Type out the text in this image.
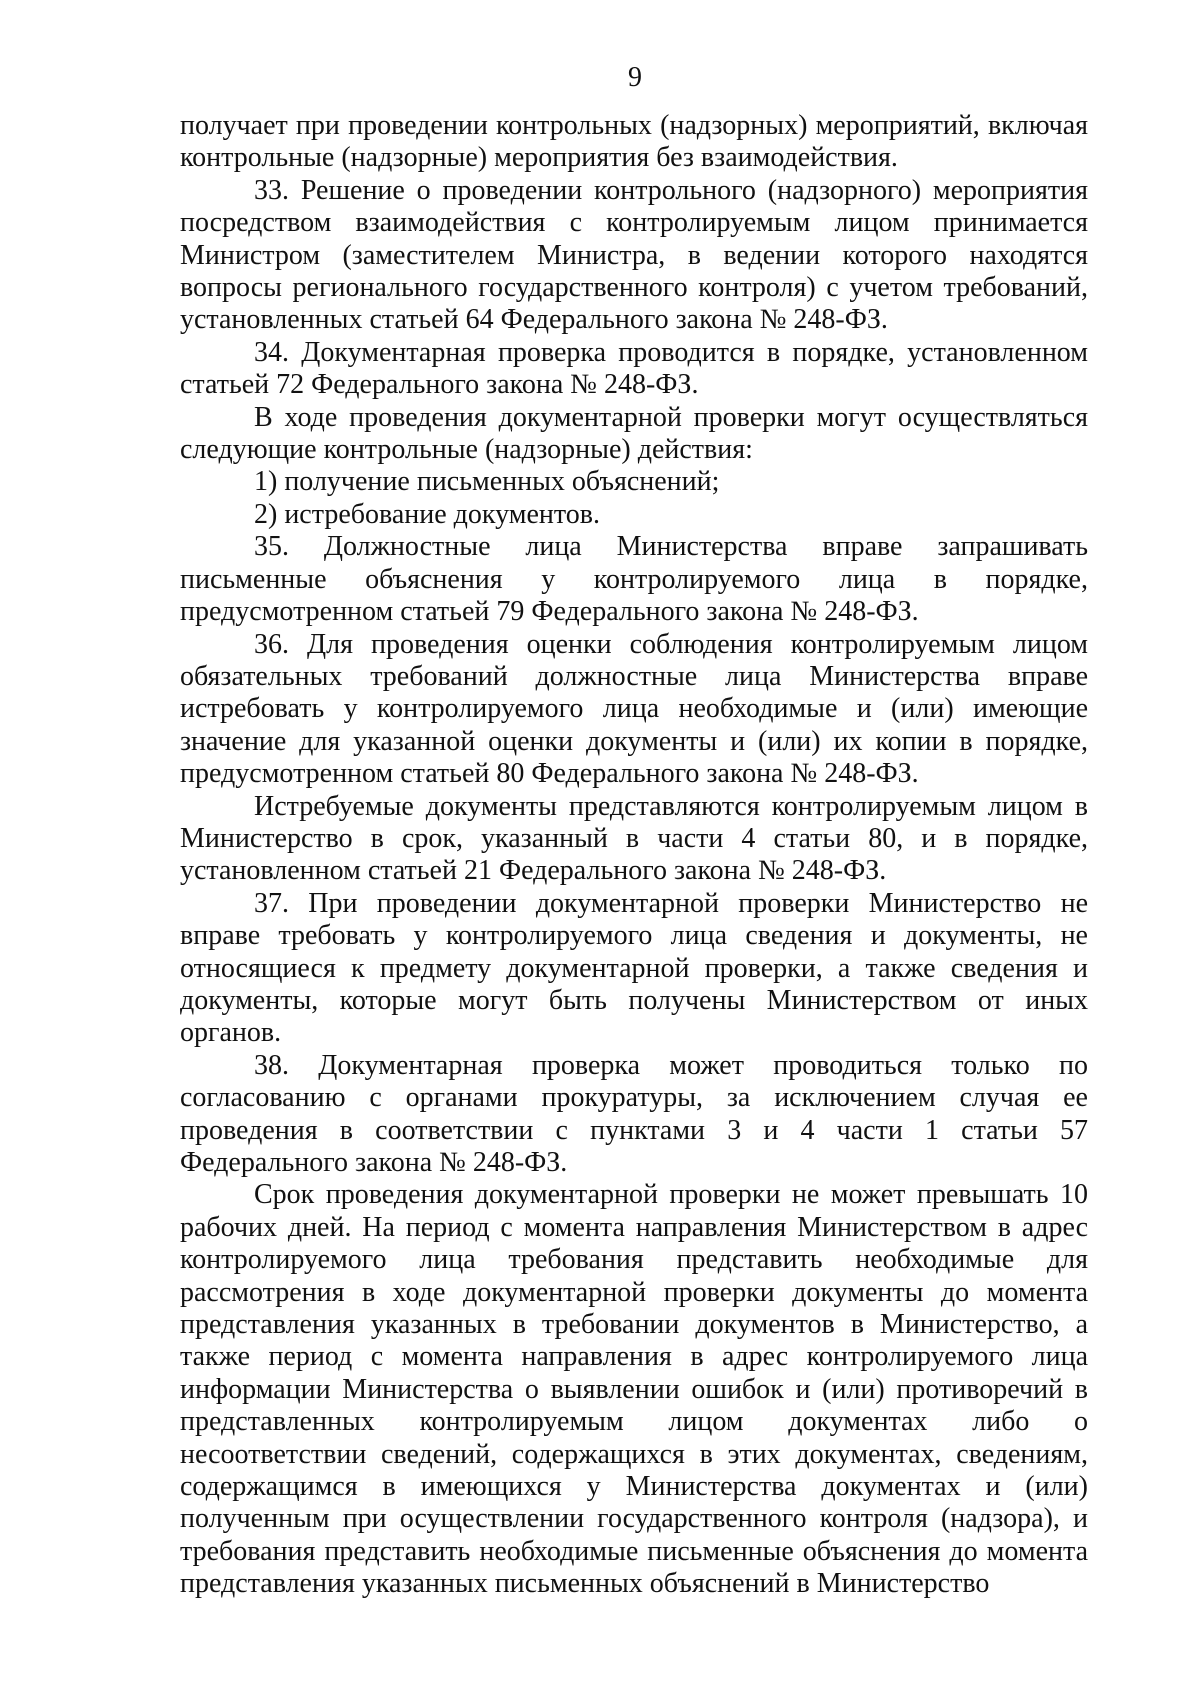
9

получает при проведении контрольных (надзорных) мероприятий, включая контрольные (надзорные) мероприятия без взаимодействия.

33. Решение о проведении контрольного (надзорного) мероприятия посредством взаимодействия с контролируемым лицом принимается Министром (заместителем Министра, в ведении которого находятся вопросы регионального государственного контроля) с учетом требований, установленных статьей 64 Федерального закона № 248-ФЗ.

34. Документарная проверка проводится в порядке, установленном статьей 72 Федерального закона № 248-ФЗ.

В ходе проведения документарной проверки могут осуществляться следующие контрольные (надзорные) действия:

1) получение письменных объяснений;

2) истребование документов.

35. Должностные лица Министерства вправе запрашивать письменные объяснения у контролируемого лица в порядке, предусмотренном статьей 79 Федерального закона № 248-ФЗ.

36. Для проведения оценки соблюдения контролируемым лицом обязательных требований должностные лица Министерства вправе истребовать у контролируемого лица необходимые и (или) имеющие значение для указанной оценки документы и (или) их копии в порядке, предусмотренном статьей 80 Федерального закона № 248-ФЗ.

Истребуемые документы представляются контролируемым лицом в Министерство в срок, указанный в части 4 статьи 80, и в порядке, установленном статьей 21 Федерального закона № 248-ФЗ.

37. При проведении документарной проверки Министерство не вправе требовать у контролируемого лица сведения и документы, не относящиеся к предмету документарной проверки, а также сведения и документы, которые могут быть получены Министерством от иных органов.

38. Документарная проверка может проводиться только по согласованию с органами прокуратуры, за исключением случая ее проведения в соответствии с пунктами 3 и 4 части 1 статьи 57 Федерального закона № 248-ФЗ.

Срок проведения документарной проверки не может превышать 10 рабочих дней. На период с момента направления Министерством в адрес контролируемого лица требования представить необходимые для рассмотрения в ходе документарной проверки документы до момента представления указанных в требовании документов в Министерство, а также период с момента направления в адрес контролируемого лица информации Министерства о выявлении ошибок и (или) противоречий в представленных контролируемым лицом документах либо о несоответствии сведений, содержащихся в этих документах, сведениям, содержащимся в имеющихся у Министерства документах и (или) полученным при осуществлении государственного контроля (надзора), и требования представить необходимые письменные объяснения до момента представления указанных письменных объяснений в Министерство
